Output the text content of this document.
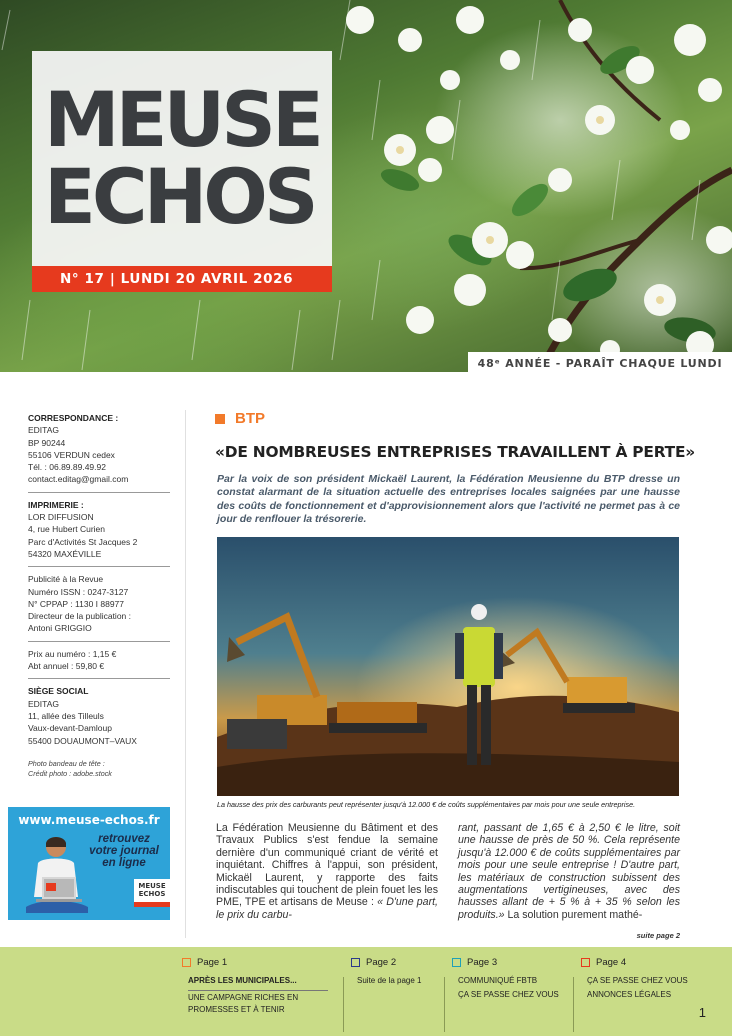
MEUSE
ECHOS
N° 17 | LUNDI 20 AVRIL 2026
48ᵉ ANNÉE - PARAÎT CHAQUE LUNDI
CORRESPONDANCE :
EDITAG
BP 90244
55106 VERDUN cedex
Tél. : 06.89.89.49.92
contact.editag@gmail.com
IMPRIMERIE :
LOR DIFFUSION
4, rue Hubert Curien
Parc d'Activités St Jacques 2
54320 MAXÉVILLE
Publicité à la Revue
Numéro ISSN : 0247-3127
N° CPPAP : 1130 I 88977
Directeur de la publication :
Antoni GRIGGIO
Prix au numéro : 1,15 €
Abt annuel : 59,80 €
SIÈGE SOCIAL
EDITAG
11, allée des Tilleuls
Vaux-devant-Damloup
55400 DOUAUMONT–VAUX
Photo bandeau de tête :
Crédit photo : adobe.stock
www.meuse-echos.fr
retrouvez
votre journal
en ligne
MEUSE
ECHOS
BTP
«DE NOMBREUSES ENTREPRISES TRAVAILLENT À PERTE»
Par la voix de son président Mickaël Laurent, la Fédération Meusienne du BTP dresse un constat alarmant de la situation actuelle des entreprises locales saignées par une hausse des coûts de fonctionnement et d'approvisionnement alors que l'activité ne permet pas à ce jour de renflouer la trésorerie.
La hausse des prix des carburants peut représenter jusqu'à 12.000 € de coûts supplémentaires par mois pour une seule entreprise.
La Fédération Meusienne du Bâtiment et des Travaux Publics s'est fendue la semaine dernière d'un communiqué criant de vérité et inquiétant. Chiffres à l'appui, son président, Mickaël Laurent, y rapporte des faits indiscutables qui touchent de plein fouet les les PME, TPE et artisans de Meuse : « D'une part, le prix du carbu-
rant, passant de 1,65 € à 2,50 € le litre, soit une hausse de près de 50 %. Cela représente jusqu'à 12.000 € de coûts supplémentaires par mois pour une seule entreprise ! D'autre part, les matériaux de construction subissent des augmentations vertigineuses, avec des hausses allant de + 5 % à + 35 % selon les produits.» La solution purement mathé-
suite page 2
Page 1
APRÈS LES MUNICIPALES...
UNE CAMPAGNE RICHES EN
PROMESSES ET À TENIR
Page 2
Suite de la page 1
Page 3
COMMUNIQUÉ FBTB
ÇA SE PASSE CHEZ VOUS
Page 4
ÇA SE PASSE CHEZ VOUS
ANNONCES LÉGALES
1
